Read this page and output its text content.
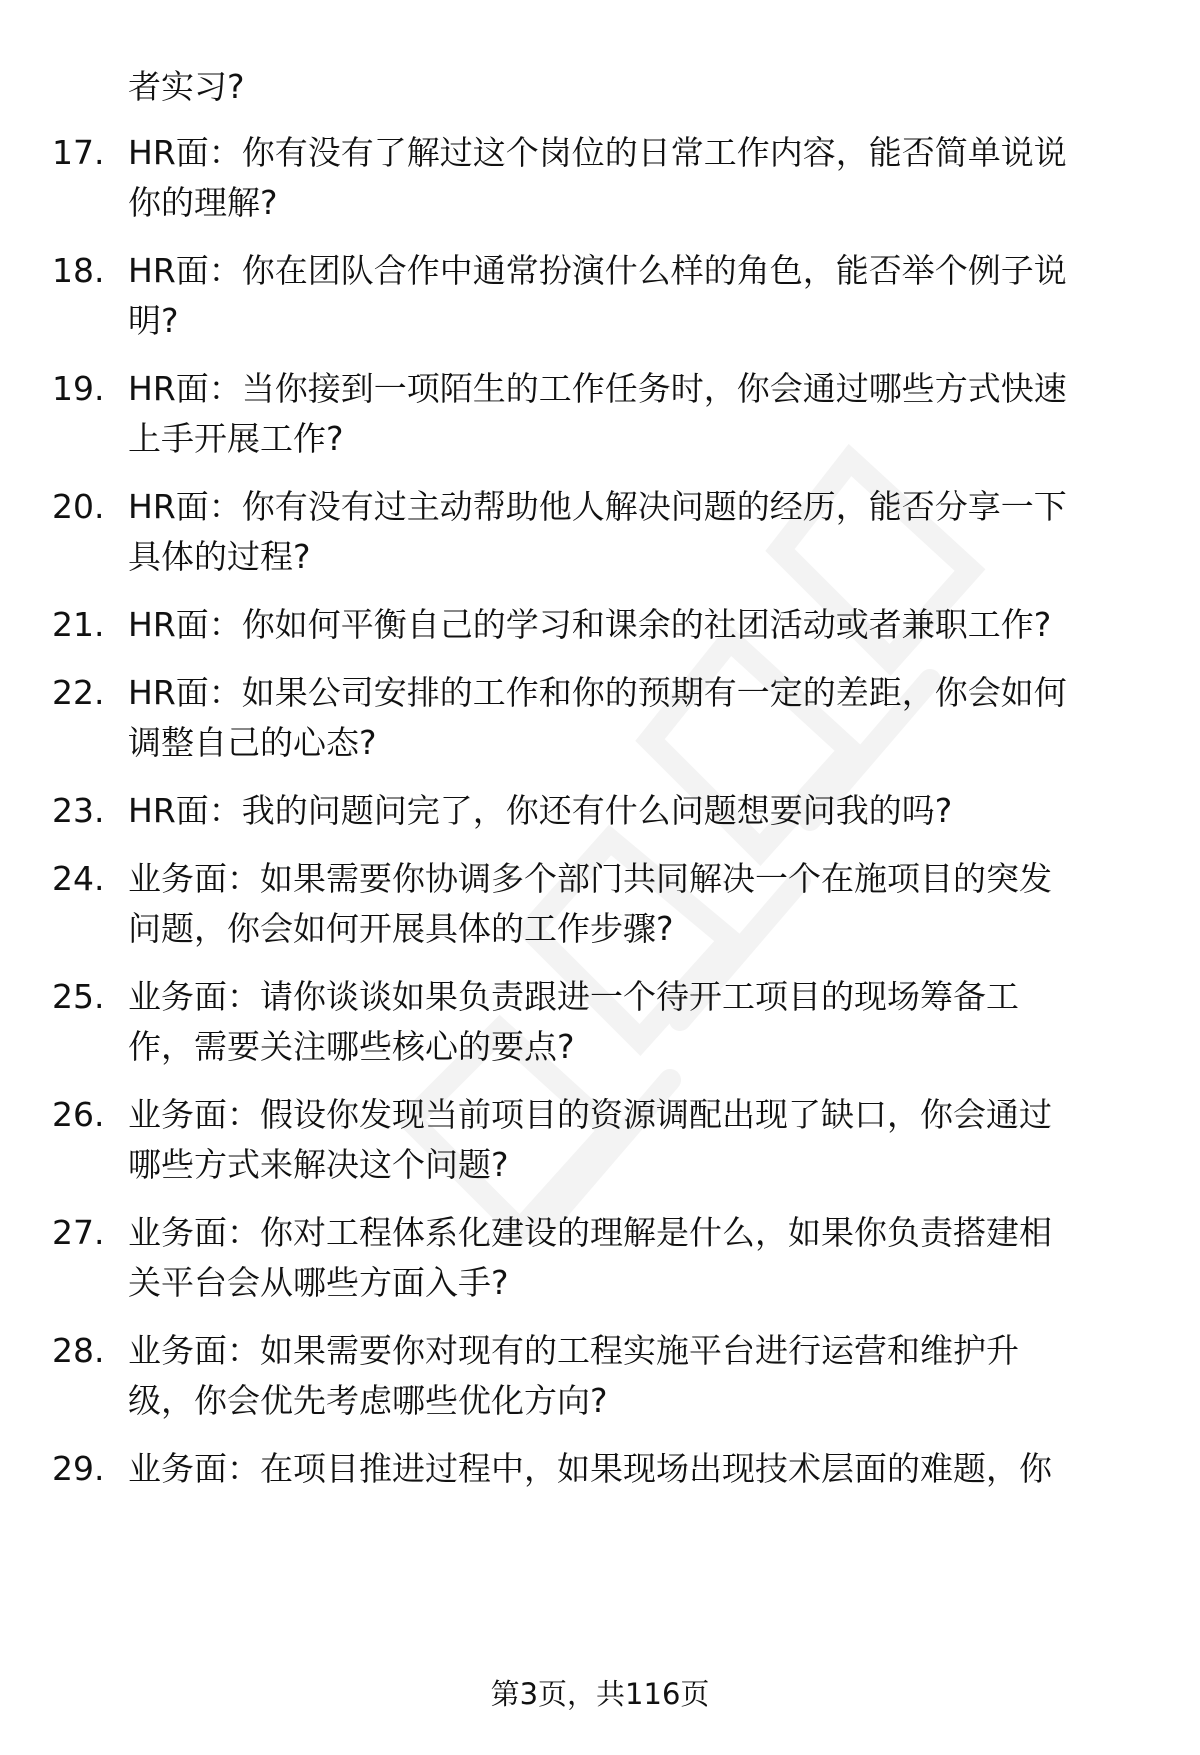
者实习?
17. HR面：你有没有了解过这个岗位的日常工作内容，能否简单说说
你的理解?
18. HR面：你在团队合作中通常扮演什么样的角色，能否举个例子说
明?
19. HR面：当你接到一项陌生的工作任务时，你会通过哪些方式快速
上手开展工作?
20. HR面：你有没有过主动帮助他人解决问题的经历，能否分享一下
具体的过程?
21. HR面：你如何平衡自己的学习和课余的社团活动或者兼职工作?
22. HR面：如果公司安排的工作和你的预期有一定的差距，你会如何
调整自己的心态?
23. HR面：我的问题问完了，你还有什么问题想要问我的吗?
24. 业务面：如果需要你协调多个部门共同解决一个在施项目的突发
问题，你会如何开展具体的工作步骤?
25. 业务面：请你谈谈如果负责跟进一个待开工项目的现场筹备工
作，需要关注哪些核心的要点?
26. 业务面：假设你发现当前项目的资源调配出现了缺口，你会通过
哪些方式来解决这个问题?
27. 业务面：你对工程体系化建设的理解是什么，如果你负责搭建相
关平台会从哪些方面入手?
28. 业务面：如果需要你对现有的工程实施平台进行运营和维护升
级，你会优先考虑哪些优化方向?
29. 业务面：在项目推进过程中，如果现场出现技术层面的难题，你
第3页，共116页
